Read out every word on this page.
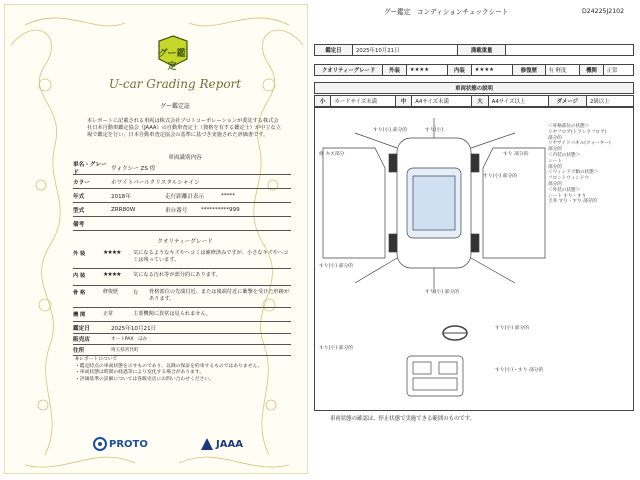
グー鑑定
U-car Grading Report
グー鑑定証
本レポートに記載される車両は株式会社プロトコーポレーションが委託する株式会社日本自動車鑑定協会（JAAA）の自動車査定士（資格を有する鑑定士）が中立な立場で鑑定を行い、日本自動車査定協会の基準に基づき実施された評価書です。
車両識別内容
車名・グレード
ヴォクシー ZS 煌
カラー	ホワイトパールクリスタルシャイン
年式	2018年	走行距離計表示	*****
型式	ZRR80W	車台番号	**********999
備考
クオリティーグレード
外 装	★★★★	気になるようなキズやヘコミは補修済みですが、小さなキズやヘコミは残っています。
内 装	★★★★	気になる汚れ等が部分的にあります。
骨 格	修復歴	有	骨格部位の先端付近、または後端付近に衝撃を受けた形跡があります。
機 関	正常	主要機関に異常は見られません。
鑑定日	2025年10月21日
販売店	オートPAX　ほか
住所	埼玉県宮代町
※レポートについて
・鑑定時点の車両状態を示すものであり、以降の保証を約束するものではありません。
・車両状態は時間の経過等により変化する場合があります。
・評価基準の詳細については各販売店にお問い合わせください。
PROTO	JAAA
グー鑑定　コンディションチェックシート	D24225J2102
鑑定日	2025年10月21日	満載重量	
クオリティーグレード	外装	★★★★	内装	★★★★	修復歴	有 軽度	機関	正常
車両状態の説明
小	カードサイズ未満	中	A4サイズ未満	大	A4サイズ以上	ダメージ	2級以上
すり(小) 部分的	すり(小)
修 キズ部分	すり 部分的
すり(小) 部分的
すり(小) 部分的
すり(小) 部分的
すり(小) 部分的
すり(小) 部分的
すり(小)・すり 部分的
＜骨格部位の状態＞
リヤフロア(トランクフロア)
部分的
リヤサイドパネル(クォーター)
部分的
＜内装の状態＞
シート
部分的
＜ウィンドウ類の状態＞
フロントウィンドウ
部分的
＜外装の状態＞
シート すり・すり
天井 すり・すり 部分的
車両状態の確認は、停止状態で実施できる範囲のものです。
